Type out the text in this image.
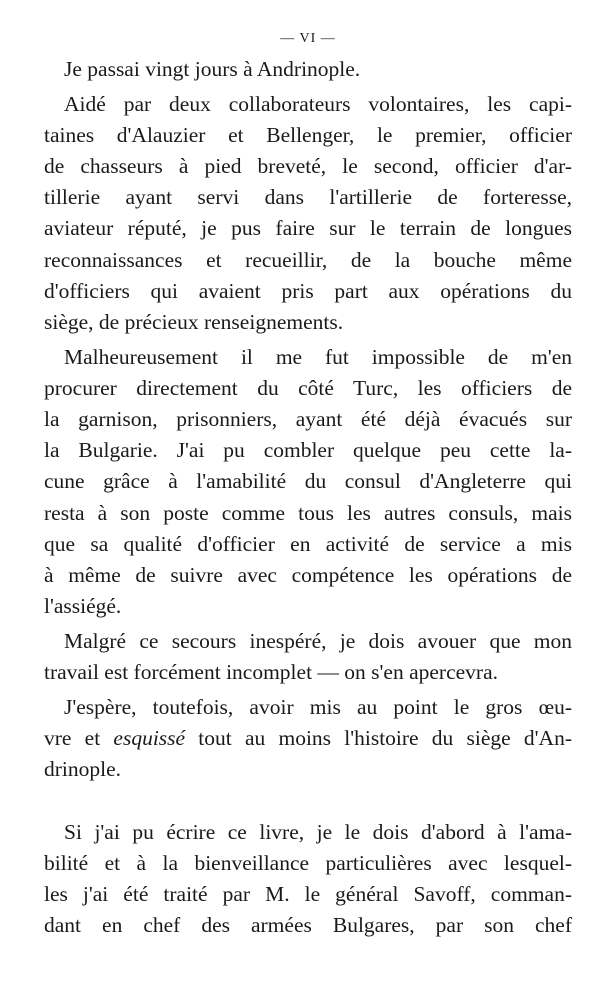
— VI —
Je passai vingt jours à Andrinople.
Aidé par deux collaborateurs volontaires, les capi-
taines d'Alauzier et Bellenger, le premier, officier
de chasseurs à pied breveté, le second, officier d'ar-
tillerie ayant servi dans l'artillerie de forteresse,
aviateur réputé, je pus faire sur le terrain de longues
reconnaissances et recueillir, de la bouche même
d'officiers qui avaient pris part aux opérations du
siège, de précieux renseignements.
Malheureusement il me fut impossible de m'en
procurer directement du côté Turc, les officiers de
la garnison, prisonniers, ayant été déjà évacués sur
la Bulgarie. J'ai pu combler quelque peu cette la-
cune grâce à l'amabilité du consul d'Angleterre qui
resta à son poste comme tous les autres consuls, mais
que sa qualité d'officier en activité de service a mis
à même de suivre avec compétence les opérations de
l'assiégé.
Malgré ce secours inespéré, je dois avouer que mon
travail est forcément incomplet — on s'en apercevra.
J'espère, toutefois, avoir mis au point le gros œu-
vre et esquissé tout au moins l'histoire du siège d'An-
drinople.
Si j'ai pu écrire ce livre, je le dois d'abord à l'ama-
bilité et à la bienveillance particulières avec lesquel-
les j'ai été traité par M. le général Savoff, comman-
dant en chef des armées Bulgares, par son chef
